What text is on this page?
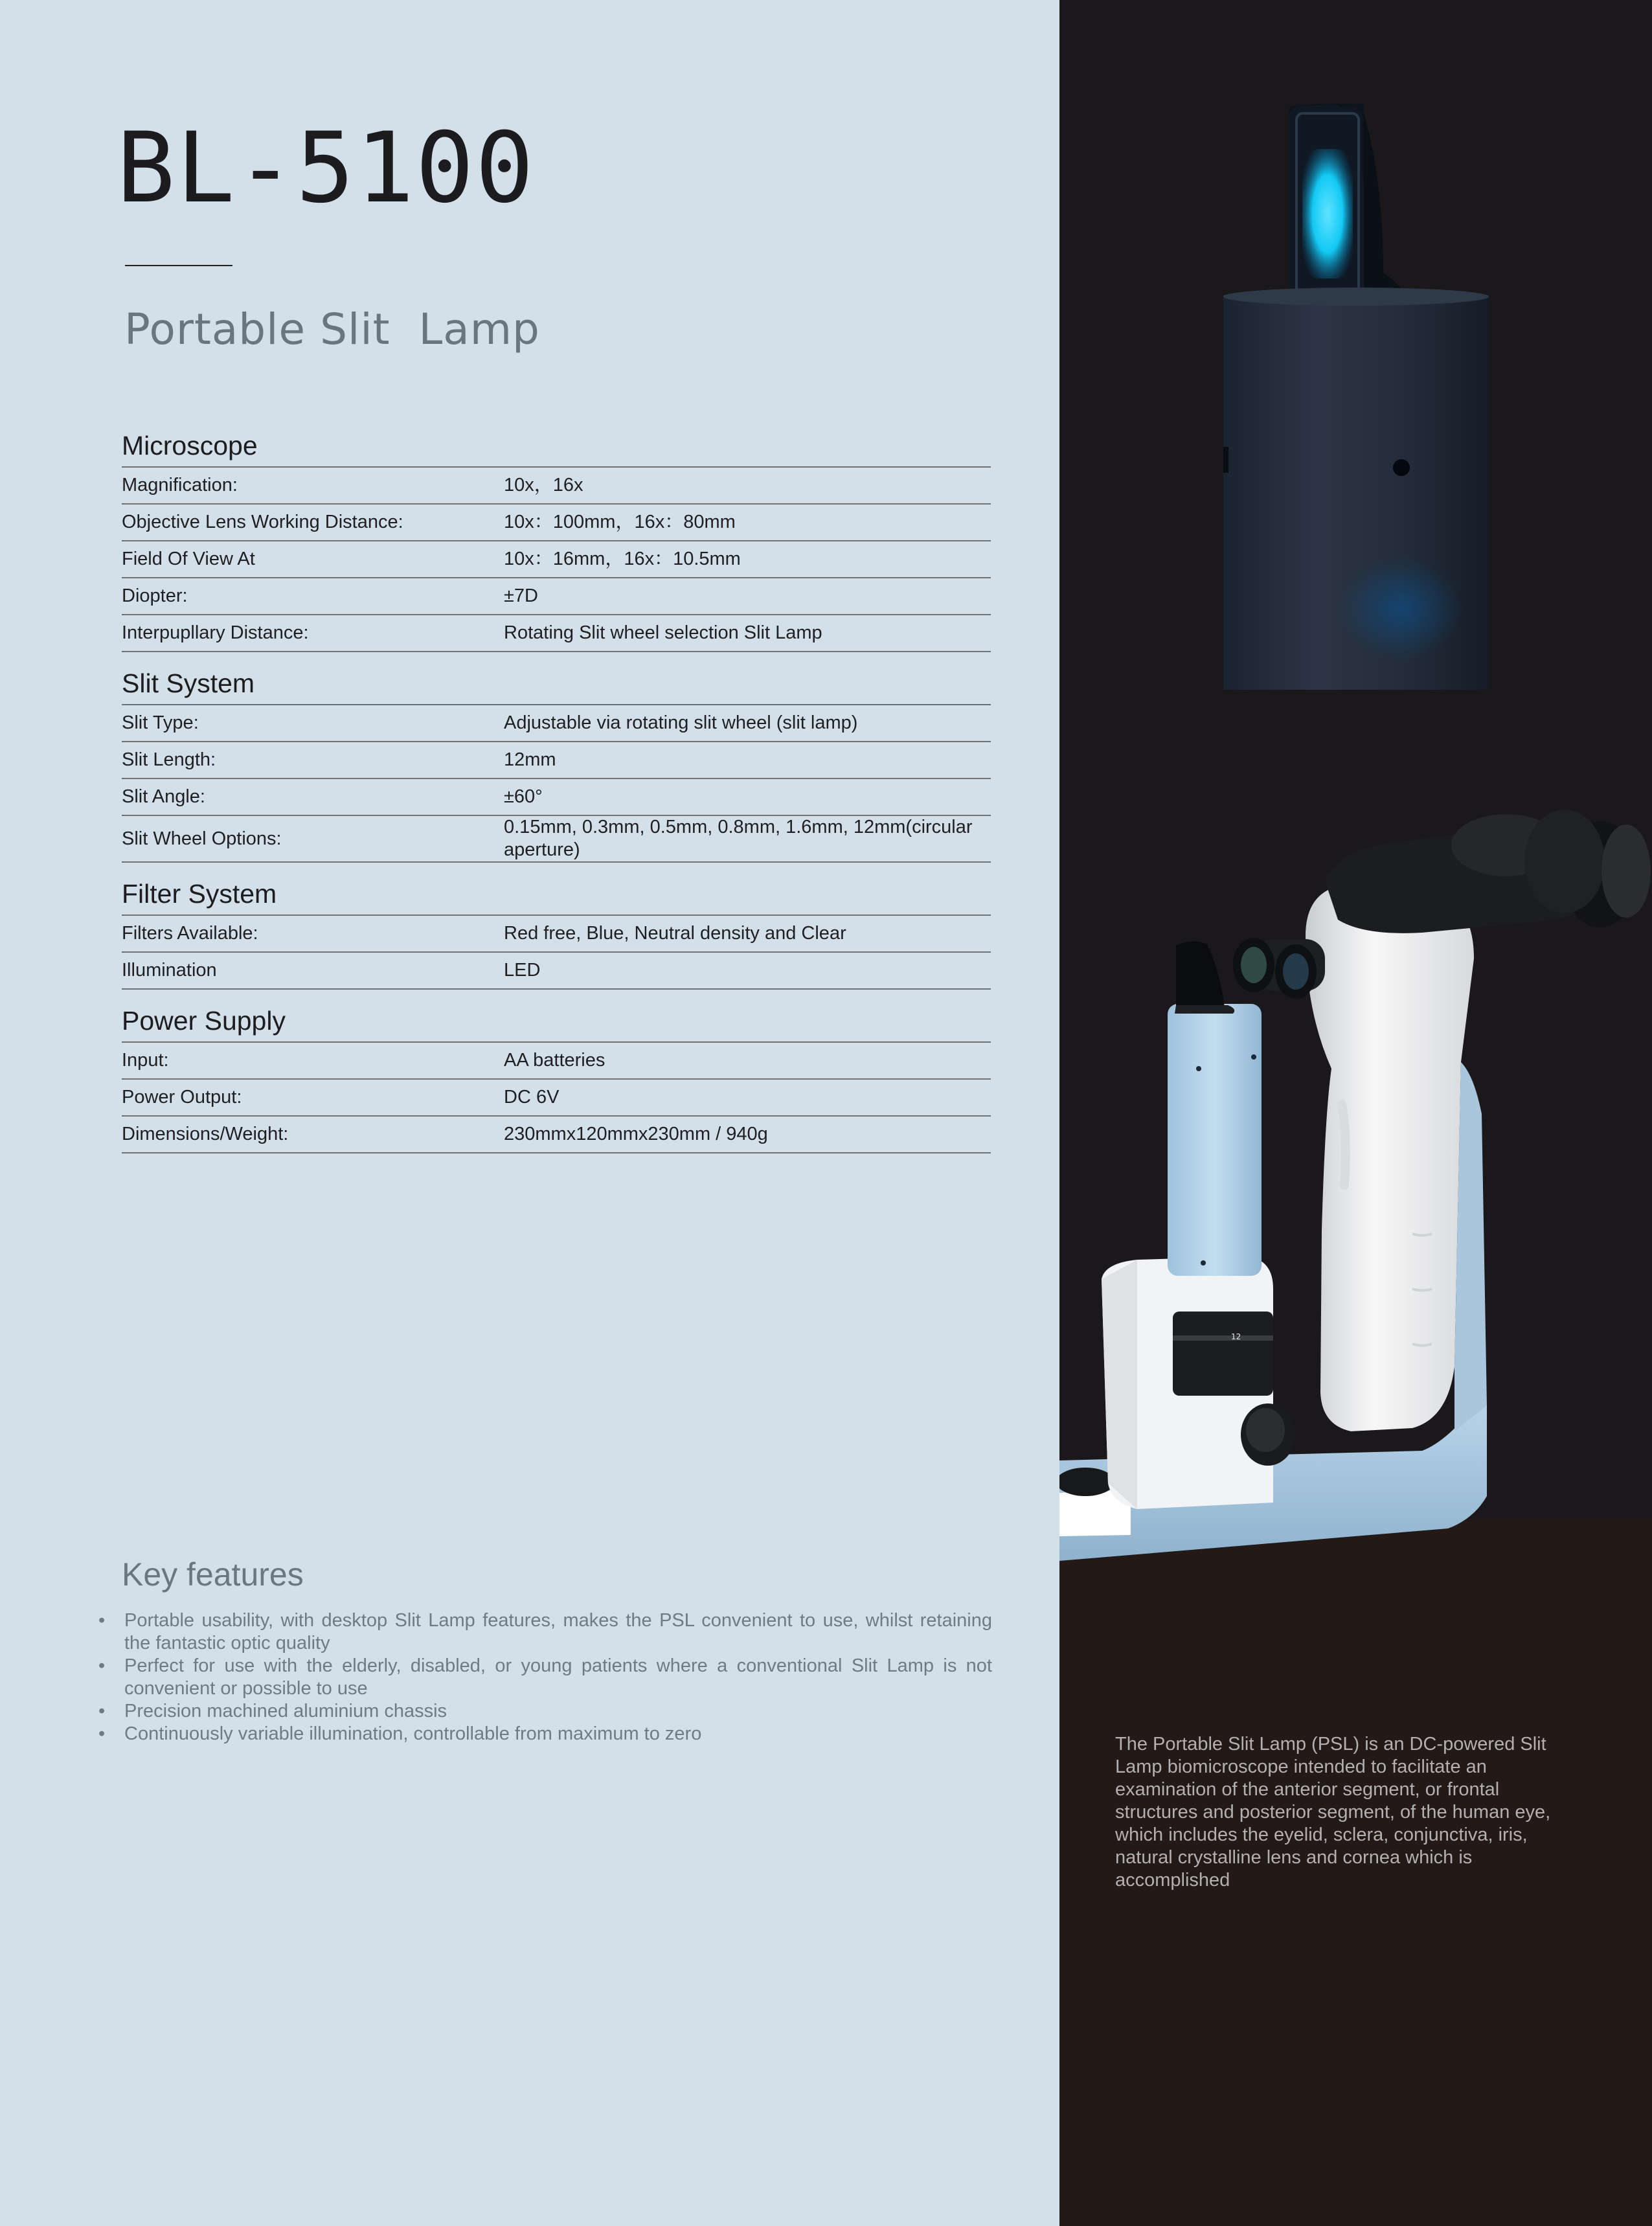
BL-5100
Portable Slit  Lamp
Microscope
Magnification:	10x，16x
Objective Lens Working Distance:	10x：100mm，16x：80mm
Field Of View At	10x：16mm，16x：10.5mm
Diopter:	±7D
Interpupllary Distance:	Rotating Slit wheel selection Slit Lamp
Slit System
Slit Type:	Adjustable via rotating slit wheel (slit lamp)
Slit Length:	12mm
Slit Angle:	±60°
Slit Wheel Options:
0.15mm, 0.3mm, 0.5mm, 0.8mm, 1.6mm, 12mm(circular aperture)
Filter System
Filters Available:	Red free, Blue, Neutral density and Clear
Illumination	LED
Power Supply
Input:	AA batteries
Power Output:	DC 6V
Dimensions/Weight:	230mmx120mmx230mm / 940g
Key features
• Portable usability, with desktop Slit Lamp features, makes the PSL convenient to use, whilst retaining the fantastic optic quality
• Perfect for use with the elderly, disabled, or young patients where a conventional Slit Lamp is not convenient or possible to use
• Precision machined aluminium chassis
• Continuously variable illumination, controllable from maximum to zero
12
The Portable Slit Lamp (PSL) is an DC-powered Slit Lamp biomicroscope intended to facilitate an examination of the anterior segment, or frontal structures and posterior segment, of the human eye, which includes the eyelid, sclera, conjunctiva, iris, natural crystalline lens and cornea which is accomplished
